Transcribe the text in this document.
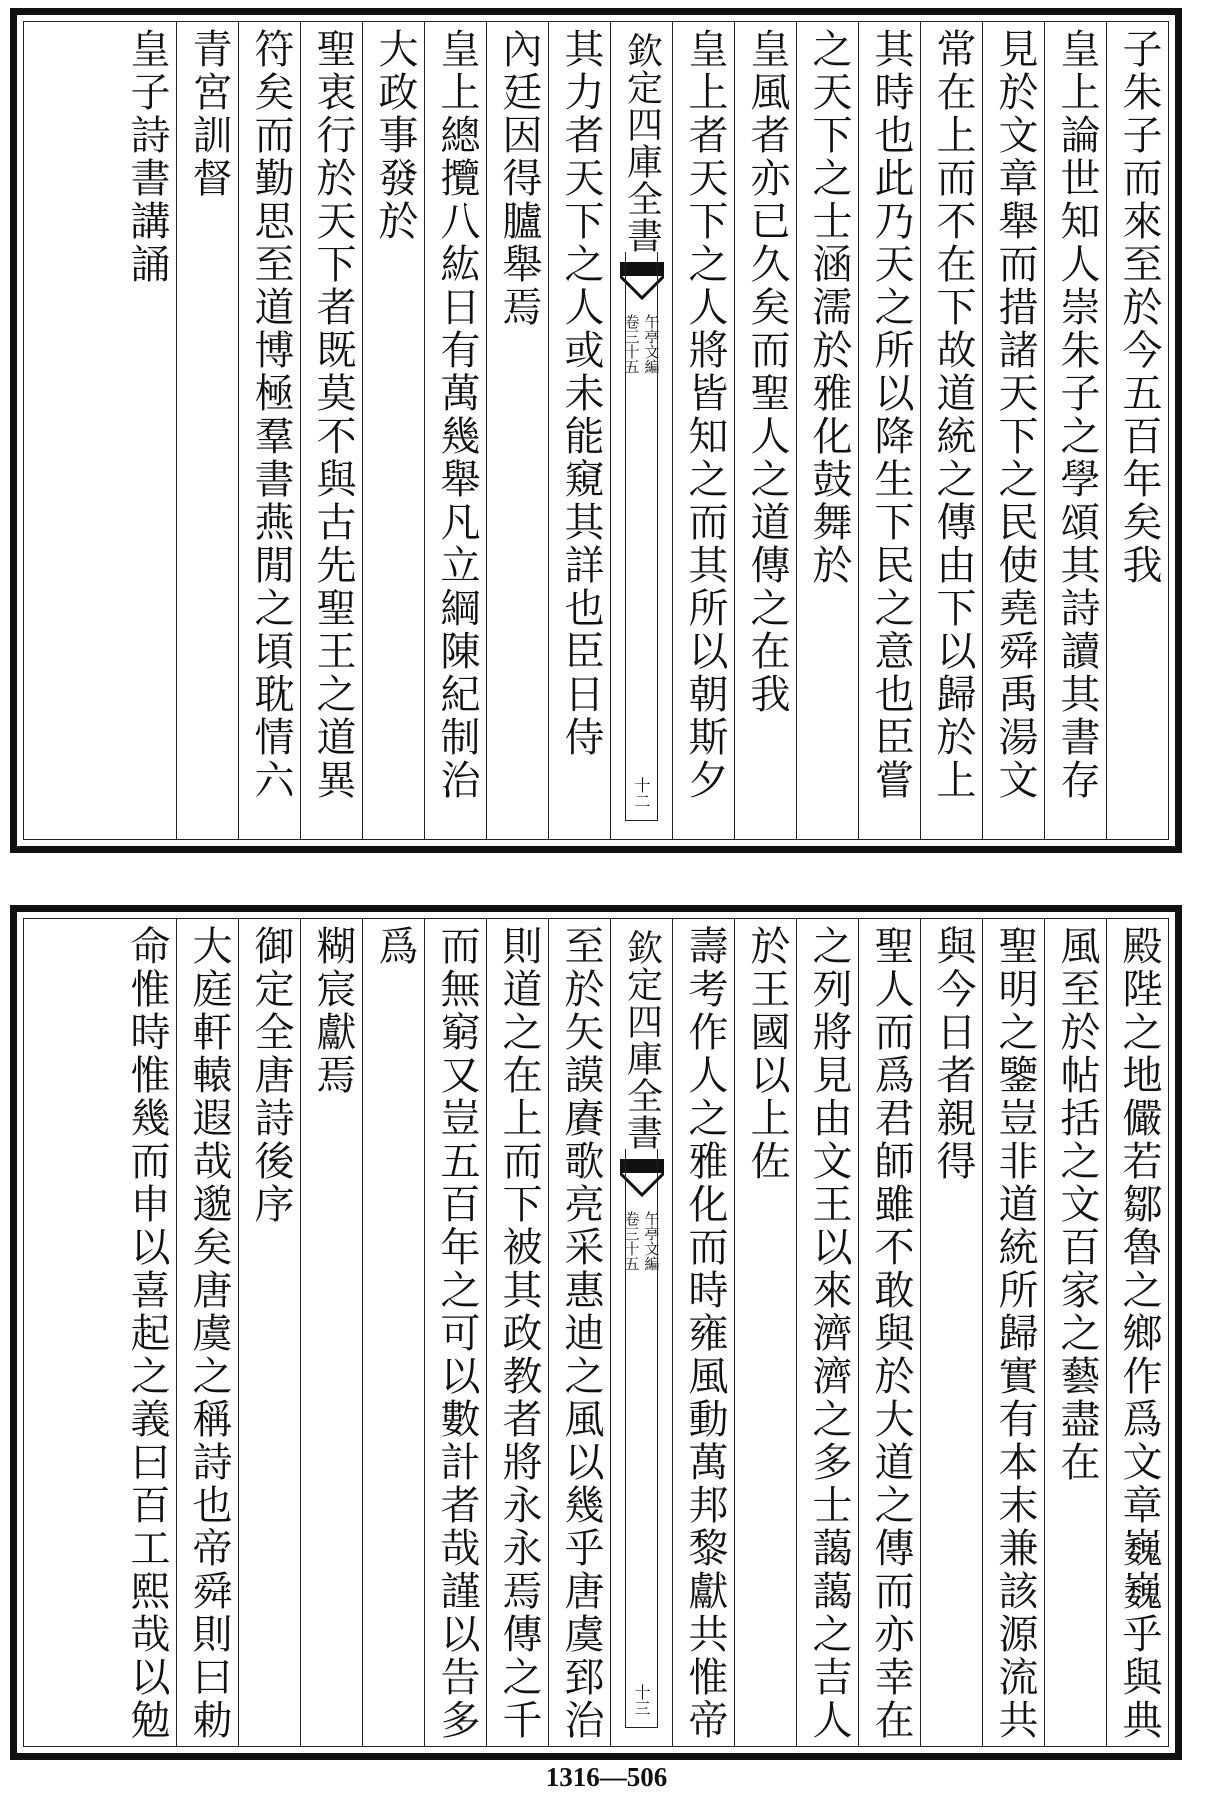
子朱子而來至於今五百年矣我
皇上論世知人崇朱子之學頌其詩讀其書存
見於文章舉而措諸天下之民使堯舜禹湯文
常在上而不在下故道統之傳由下以歸於上
其時也此乃天之所以降生下民之意也臣嘗
之天下之士涵濡於雅化鼓舞於
皇風者亦已久矣而聖人之道傳之在我
皇上者天下之人將皆知之而其所以朝斯夕
欽定四庫全書
午亭文編
卷三十五
十二
其力者天下之人或未能窺其詳也臣日侍
內廷因得臚舉焉
皇上總攬八紘日有萬幾舉凡立綱陳紀制治
大政事發於
聖衷行於天下者既莫不與古先聖王之道異
符矣而勤思至道博極羣書燕閒之頃耽情六
青宮訓督
皇子詩書講誦
殿陛之地儼若鄒魯之鄉作爲文章巍巍乎與典
風至於帖括之文百家之藝盡在
聖明之鑒豈非道統所歸實有本末兼該源流共
與今日者親得
聖人而爲君師雖不敢與於大道之傳而亦幸在
之列將見由文王以來濟濟之多士藹藹之吉人
於王國以上佐
壽考作人之雅化而時雍風動萬邦黎獻共惟帝
欽定四庫全書
午亭文編
卷三十五
十三
至於矢謨賡歌亮采惠迪之風以幾乎唐虞郅治
則道之在上而下被其政教者將永永焉傳之千
而無窮又豈五百年之可以數計者哉謹以告多
爲
糊宸獻焉
御定全唐詩後序
大庭軒轅遐哉邈矣唐虞之稱詩也帝舜則曰勅
命惟時惟幾而申以喜起之義曰百工熙哉以勉
1316—506
